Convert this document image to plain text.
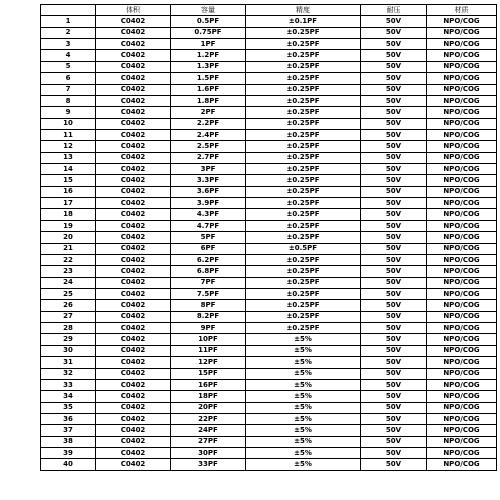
	体积	容量	精度	耐压	材质
1	C0402	0.5PF	±0.1PF	50V	NPO/COG
2	C0402	0.75PF	±0.25PF	50V	NPO/COG
3	C0402	1PF	±0.25PF	50V	NPO/COG
4	C0402	1.2PF	±0.25PF	50V	NPO/COG
5	C0402	1.3PF	±0.25PF	50V	NPO/COG
6	C0402	1.5PF	±0.25PF	50V	NPO/COG
7	C0402	1.6PF	±0.25PF	50V	NPO/COG
8	C0402	1.8PF	±0.25PF	50V	NPO/COG
9	C0402	2PF	±0.25PF	50V	NPO/COG
10	C0402	2.2PF	±0.25PF	50V	NPO/COG
11	C0402	2.4PF	±0.25PF	50V	NPO/COG
12	C0402	2.5PF	±0.25PF	50V	NPO/COG
13	C0402	2.7PF	±0.25PF	50V	NPO/COG
14	C0402	3PF	±0.25PF	50V	NPO/COG
15	C0402	3.3PF	±0.25PF	50V	NPO/COG
16	C0402	3.6PF	±0.25PF	50V	NPO/COG
17	C0402	3.9PF	±0.25PF	50V	NPO/COG
18	C0402	4.3PF	±0.25PF	50V	NPO/COG
19	C0402	4.7PF	±0.25PF	50V	NPO/COG
20	C0402	5PF	±0.25PF	50V	NPO/COG
21	C0402	6PF	±0.5PF	50V	NPO/COG
22	C0402	6.2PF	±0.25PF	50V	NPO/COG
23	C0402	6.8PF	±0.25PF	50V	NPO/COG
24	C0402	7PF	±0.25PF	50V	NPO/COG
25	C0402	7.5PF	±0.25PF	50V	NPO/COG
26	C0402	8PF	±0.25PF	50V	NPO/COG
27	C0402	8.2PF	±0.25PF	50V	NPO/COG
28	C0402	9PF	±0.25PF	50V	NPO/COG
29	C0402	10PF	±5%	50V	NPO/COG
30	C0402	11PF	±5%	50V	NPO/COG
31	C0402	12PF	±5%	50V	NPO/COG
32	C0402	15PF	±5%	50V	NPO/COG
33	C0402	16PF	±5%	50V	NPO/COG
34	C0402	18PF	±5%	50V	NPO/COG
35	C0402	20PF	±5%	50V	NPO/COG
36	C0402	22PF	±5%	50V	NPO/COG
37	C0402	24PF	±5%	50V	NPO/COG
38	C0402	27PF	±5%	50V	NPO/COG
39	C0402	30PF	±5%	50V	NPO/COG
40	C0402	33PF	±5%	50V	NPO/COG
